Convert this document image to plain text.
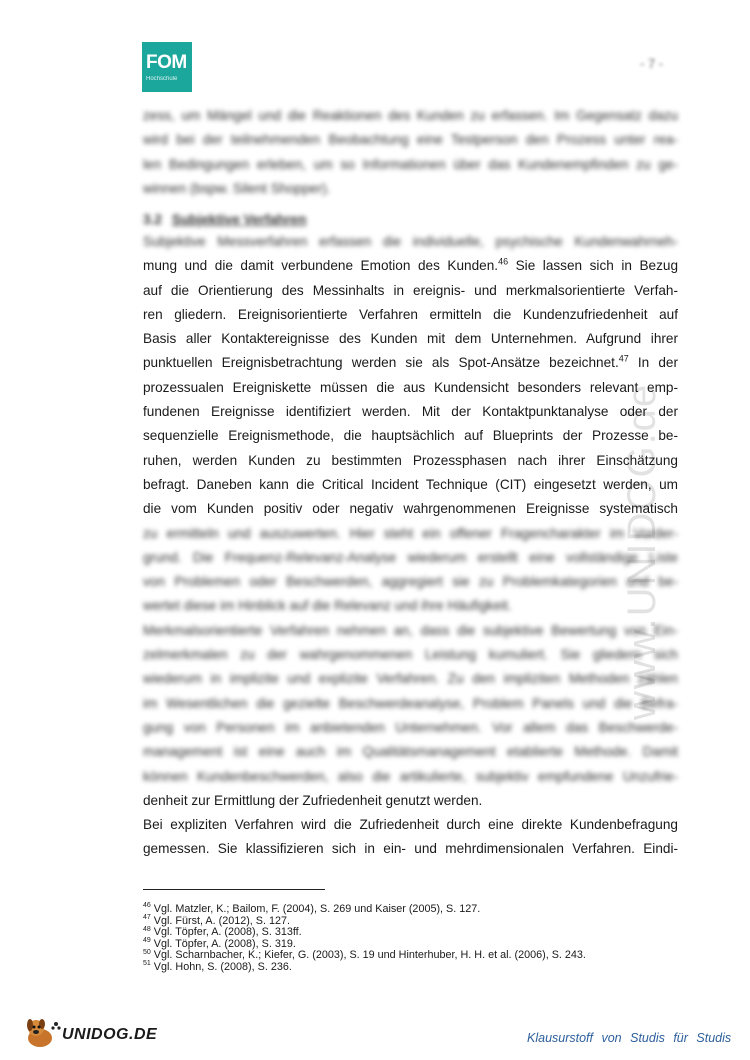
www.UNIDOG.de
FOM
Hochschule
- 7 -
zess, um Mängel und die Reaktionen des Kunden zu erfassen. Im Gegensatz dazu
wird bei der teilnehmenden Beobachtung eine Testperson den Prozess unter rea-
len Bedingungen erleben, um so Informationen über das Kundenempfinden zu ge-
winnen (bspw. Silent Shopper).
3.2 Subjektive Verfahren
Subjektive Messverfahren erfassen die individuelle, psychische Kundenwahrneh-
mung und die damit verbundene Emotion des Kunden.$^{46}$ Sie lassen sich in Bezug
auf die Orientierung des Messinhalts in ereignis- und merkmalsorientierte Verfah-
ren gliedern. Ereignisorientierte Verfahren ermitteln die Kundenzufriedenheit auf
Basis aller Kontaktereignisse des Kunden mit dem Unternehmen. Aufgrund ihrer
punktuellen Ereignisbetrachtung werden sie als Spot-Ansätze bezeichnet.$^{47}$ In der
prozessualen Ereigniskette müssen die aus Kundensicht besonders relevant emp-
fundenen Ereignisse identifiziert werden. Mit der Kontaktpunktanalyse oder der
sequenzielle Ereignismethode, die hauptsächlich auf Blueprints der Prozesse be-
ruhen, werden Kunden zu bestimmten Prozessphasen nach ihrer Einschätzung
befragt. Daneben kann die Critical Incident Technique (CIT) eingesetzt werden, um
die vom Kunden positiv oder negativ wahrgenommenen Ereignisse systematisch
zu ermitteln und auszuwerten. Hier steht ein offener Fragencharakter im Vorder-
grund. Die Frequenz-Relevanz-Analyse wiederum erstellt eine vollständige Liste
von Problemen oder Beschwerden, aggregiert sie zu Problemkategorien und be-
wertet diese im Hinblick auf die Relevanz und ihre Häufigkeit.
Merkmalsorientierte Verfahren nehmen an, dass die subjektive Bewertung von Ein-
zelmerkmalen zu der wahrgenommenen Leistung kumuliert. Sie gliedern sich
wiederum in implizite und explizite Verfahren. Zu den impliziten Methoden zählen
im Wesentlichen die gezielte Beschwerdeanalyse, Problem Panels und die Befra-
gung von Personen im anbietenden Unternehmen. Vor allem das Beschwerde-
management ist eine auch im Qualitätsmanagement etablierte Methode. Damit
können Kundenbeschwerden, also die artikulierte, subjektiv empfundene Unzufrie-
denheit zur Ermittlung der Zufriedenheit genutzt werden.
Bei expliziten Verfahren wird die Zufriedenheit durch eine direkte Kundenbefragung
gemessen. Sie klassifizieren sich in ein- und mehrdimensionalen Verfahren. Eindi-
$^{46}$ Vgl. Matzler, K.; Bailom, F. (2004), S. 269 und Kaiser (2005), S. 127.
$^{47}$ Vgl. Fürst, A. (2012), S. 127.
$^{48}$ Vgl. Töpfer, A. (2008), S. 313ff.
$^{49}$ Vgl. Töpfer, A. (2008), S. 319.
$^{50}$ Vgl. Scharnbacher, K.; Kiefer, G. (2003), S. 19 und Hinterhuber, H. H. et al. (2006), S. 243.
$^{51}$ Vgl. Hohn, S. (2008), S. 236.
UNIDOG.DE	Klausurstoff von Studis für Studis
